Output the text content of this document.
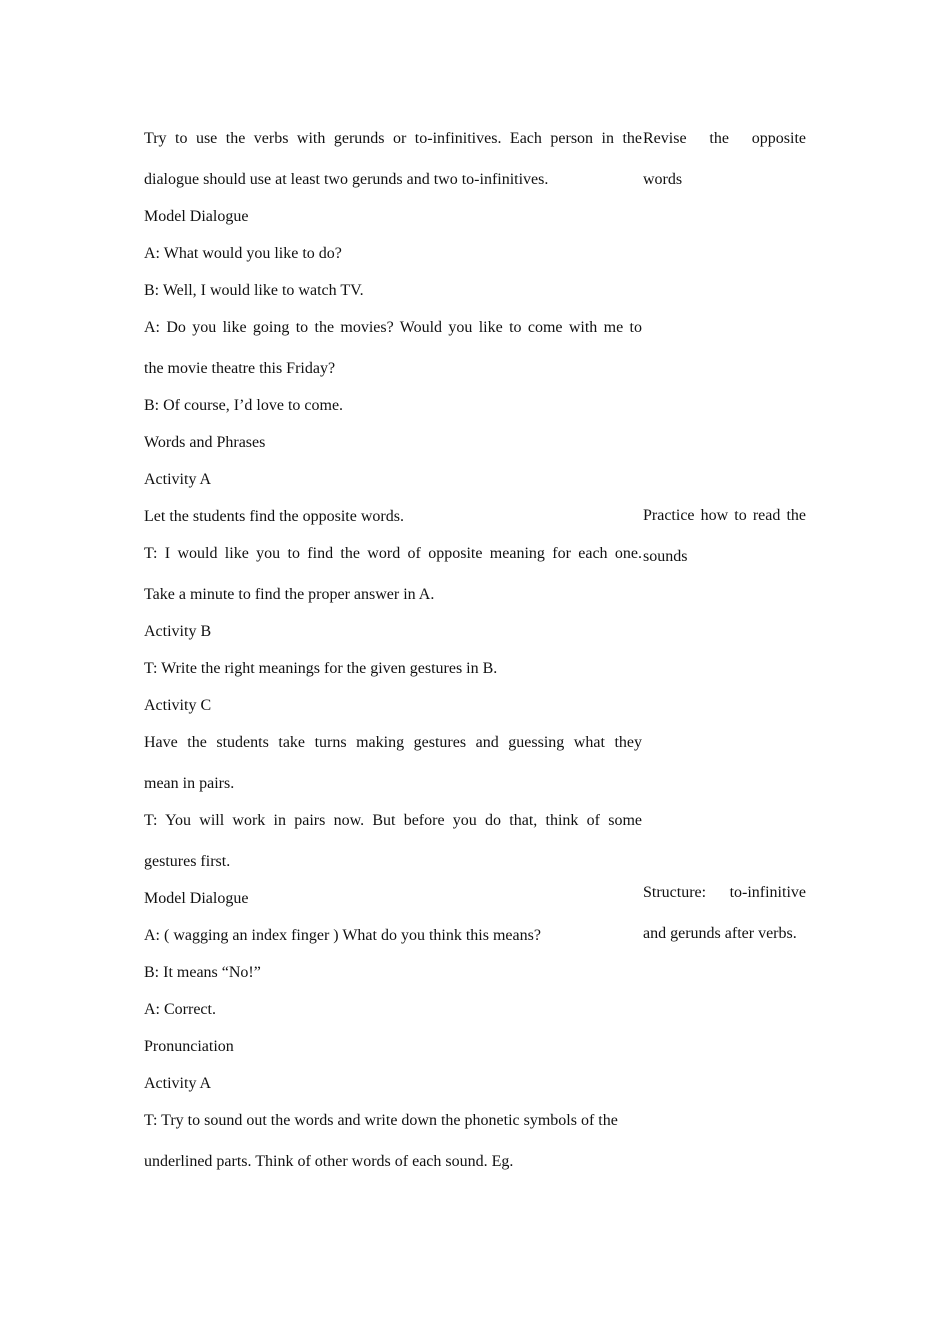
Try to use the verbs with gerunds or to-infinitives. Each person in the
dialogue should use at least two gerunds and two to-infinitives.
Model Dialogue
A: What would you like to do?
B: Well, I would like to watch TV.
A: Do you like going to the movies? Would you like to come with me to
the movie theatre this Friday?
B: Of course, I’d love to come.
Words and Phrases
Activity A
Let the students find the opposite words.
T: I would like you to find the word of opposite meaning for each one.
Take a minute to find the proper answer in A.
Activity B
T: Write the right meanings for the given gestures in B.
Activity C
Have the students take turns making gestures and guessing what they
mean in pairs.
T: You will work in pairs now. But before you do that, think of some
gestures first.
Model Dialogue
A: ( wagging an index finger ) What do you think this means?
B: It means “No!”
A: Correct.
Pronunciation
Activity A
T: Try to sound out the words and write down the phonetic symbols of the
underlined parts. Think of other words of each sound. Eg.
Revise the opposite
words
Practice how to read the
sounds
Structure: to-infinitive
and gerunds after verbs.
